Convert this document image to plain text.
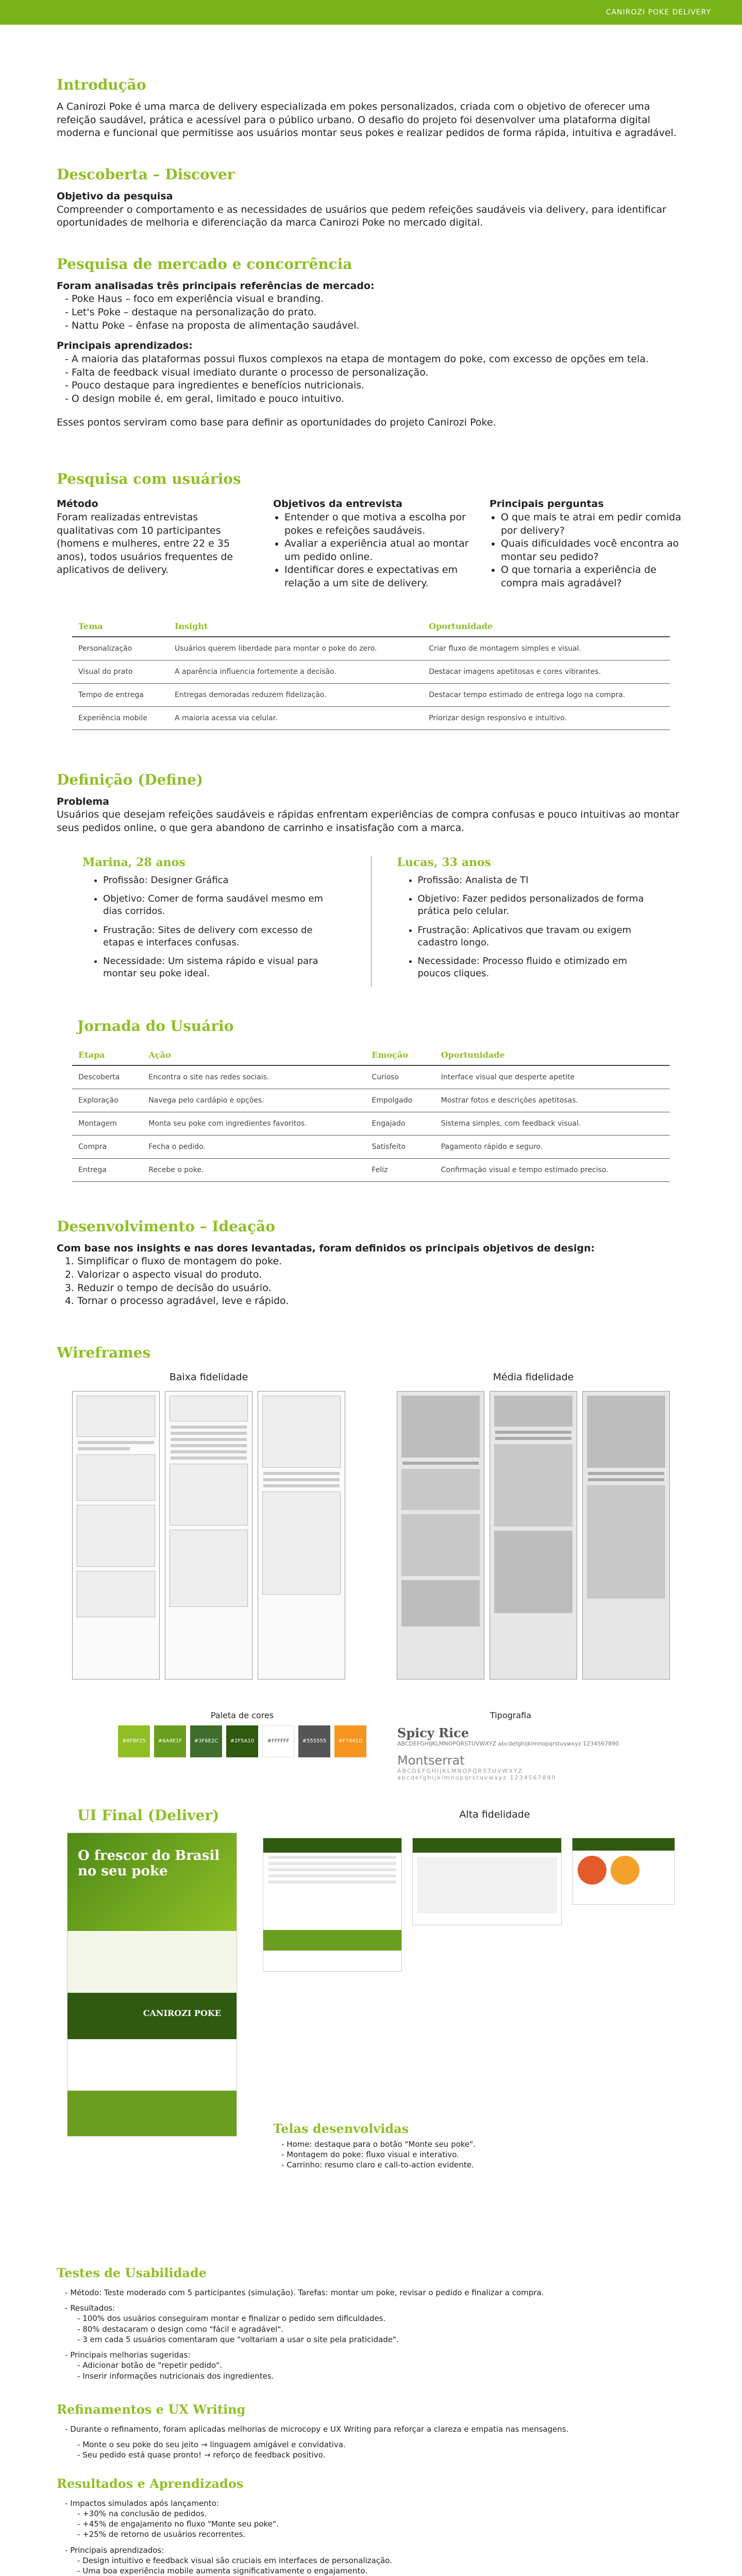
CANIROZI POKE DELIVERY
Introdução

A Canirozi Poke é uma marca de delivery especializada em pokes personalizados, criada com o objetivo de oferecer uma refeição saudável, prática e acessível para o público urbano. O desafio do projeto foi desenvolver uma plataforma digital moderna e funcional que permitisse aos usuários montar seus pokes e realizar pedidos de forma rápida, intuitiva e agradável.

Descoberta – Discover

Objetivo da pesquisa

Compreender o comportamento e as necessidades de usuários que pedem refeições saudáveis via delivery, para identificar oportunidades de melhoria e diferenciação da marca Canirozi Poke no mercado digital.

Pesquisa de mercado e concorrência

Foram analisadas três principais referências de mercado:

- Poke Haus – foco em experiência visual e branding.
- Let's Poke – destaque na personalização do prato.
- Nattu Poke – ênfase na proposta de alimentação saudável.

Principais aprendizados:

- A maioria das plataformas possui fluxos complexos na etapa de montagem do poke, com excesso de opções em tela.
- Falta de feedback visual imediato durante o processo de personalização.
- Pouco destaque para ingredientes e benefícios nutricionais.
- O design mobile é, em geral, limitado e pouco intuitivo.

Esses pontos serviram como base para definir as oportunidades do projeto Canirozi Poke.

Pesquisa com usuários

Método

Foram realizadas entrevistas qualitativas com 10 participantes (homens e mulheres, entre 22 e 35 anos), todos usuários frequentes de aplicativos de delivery.

Objetivos da entrevista

• Entender o que motiva a escolha por pokes e refeições saudáveis.
• Avaliar a experiência atual ao montar um pedido online.
• Identificar dores e expectativas em relação a um site de delivery.

Principais perguntas

• O que mais te atrai em pedir comida por delivery?
• Quais dificuldades você encontra ao montar seu pedido?
• O que tornaria a experiência de compra mais agradável?
Tema	Insight	Oportunidade
Personalização	Usuários querem liberdade para montar o poke do zero.	Criar fluxo de montagem simples e visual.
Visual do prato	A aparência influencia fortemente a decisão.	Destacar imagens apetitosas e cores vibrantes.
Tempo de entrega	Entregas demoradas reduzem fidelização.	Destacar tempo estimado de entrega logo na compra.
Experiência mobile	A maioria acessa via celular.	Priorizar design responsivo e intuitivo.
Definição (Define)

Problema

Usuários que desejam refeições saudáveis e rápidas enfrentam experiências de compra confusas e pouco intuitivas ao montar seus pedidos online, o que gera abandono de carrinho e insatisfação com a marca.

Marina, 28 anos
• Profissão: Designer Gráfica
• Objetivo: Comer de forma saudável mesmo em dias corridos.
• Frustração: Sites de delivery com excesso de etapas e interfaces confusas.
• Necessidade: Um sistema rápido e visual para montar seu poke ideal.
Lucas, 33 anos
• Profissão: Analista de TI
• Objetivo: Fazer pedidos personalizados de forma prática pelo celular.
• Frustração: Aplicativos que travam ou exigem cadastro longo.
• Necessidade: Processo fluido e otimizado em poucos cliques.
Jornada do Usuário
Etapa	Ação	Emoção	Oportunidade
Descoberta	Encontra o site nas redes sociais.	Curioso	Interface visual que desperte apetite
Exploração	Navega pelo cardápio e opções.	Empolgado	Mostrar fotos e descrições apetitosas.
Montagem	Monta seu poke com ingredientes favoritos.	Engajado	Sistema simples, com feedback visual.
Compra	Fecha o pedido.	Satisfeito	Pagamento rápido e seguro.
Entrega	Recebe o poke.	Feliz	Confirmação visual e tempo estimado preciso.
Desenvolvimento – Ideação

Com base nos insights e nas dores levantadas, foram definidos os principais objetivos de design:

1. Simplificar o fluxo de montagem do poke.
2. Valorizar o aspecto visual do produto.
3. Reduzir o tempo de decisão do usuário.
4. Tornar o processo agradável, leve e rápido.
Wireframes
Baixa fidelidade	Média fidelidade
Paleta de cores
#8FBF25	#6A9E1F	#3F6E2C	#2F5A10	#FFFFFF	#555555	#F7941D
Tipografia
Spicy Rice
ABCDEFGHIJKLMNOPQRSTUVWXYZ abcdefghijklmnopqrstuvwxyz 1234567890
Montserrat
ABCDEFGHIJKLMNOPQRSTUVWXYZ abcdefghijklmnopqrstuvwxyz 1234567890
UI Final (Deliver)	Alta fidelidade
O frescor do Brasil no seu poke
CANIROZI POKE
Telas desenvolvidas
- Home: destaque para o botão "Monte seu poke".
- Montagem do poke: fluxo visual e interativo.
- Carrinho: resumo claro e call-to-action evidente.
Testes de Usabilidade
- Método: Teste moderado com 5 participantes (simulação). Tarefas: montar um poke, revisar o pedido e finalizar a compra.
- Resultados:
- 100% dos usuários conseguiram montar e finalizar o pedido sem dificuldades.
- 80% destacaram o design como "fácil e agradável".
- 3 em cada 5 usuários comentaram que "voltariam a usar o site pela praticidade".
- Principais melhorias sugeridas:
- Adicionar botão de "repetir pedido".
- Inserir informações nutricionais dos ingredientes.
Refinamentos e UX Writing
- Durante o refinamento, foram aplicadas melhorias de microcopy e UX Writing para reforçar a clareza e empatia nas mensagens.
- Monte o seu poke do seu jeito → linguagem amigável e convidativa.
- Seu pedido está quase pronto! → reforço de feedback positivo.
Resultados e Aprendizados
- Impactos simulados após lançamento:
- +30% na conclusão de pedidos.
- +45% de engajamento no fluxo "Monte seu poke".
- +25% de retorno de usuários recorrentes.
- Principais aprendizados:
- Design intuitivo e feedback visual são cruciais em interfaces de personalização.
- Uma boa experiência mobile aumenta significativamente o engajamento.
